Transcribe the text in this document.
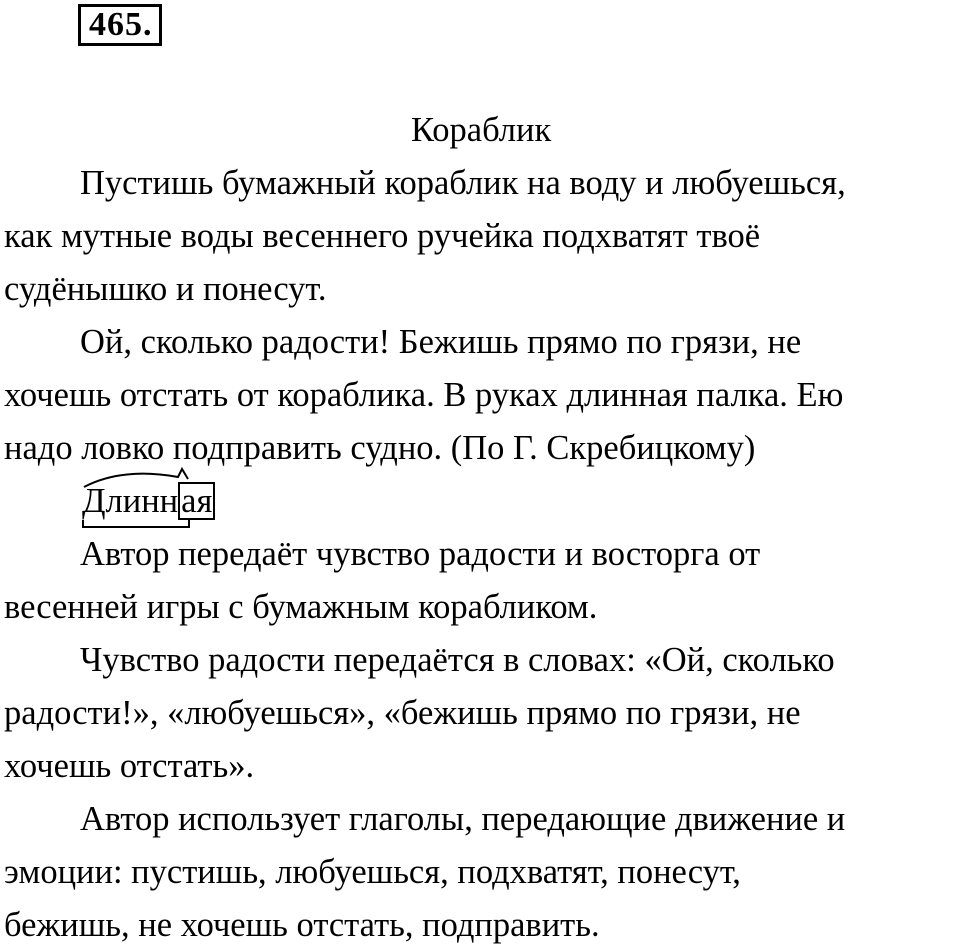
465.
Кораблик
Пустишь бумажный кораблик на воду и любуешься,
как мутные воды весеннего ручейка подхватят твоё
судёнышко и понесут.
Ой, сколько радости! Бежишь прямо по грязи, не
хочешь отстать от кораблика. В руках длинная палка. Ею
надо ловко подправить судно. (По Г. Скребицкому)
Длинн
ая
Автор передаёт чувство радости и восторга от
весенней игры с бумажным корабликом.
Чувство радости передаётся в словах: «Ой, сколько
радости!», «любуешься», «бежишь прямо по грязи, не
хочешь отстать».
Автор использует глаголы, передающие движение и
эмоции: пустишь, любуешься, подхватят, понесут,
бежишь, не хочешь отстать, подправить.
